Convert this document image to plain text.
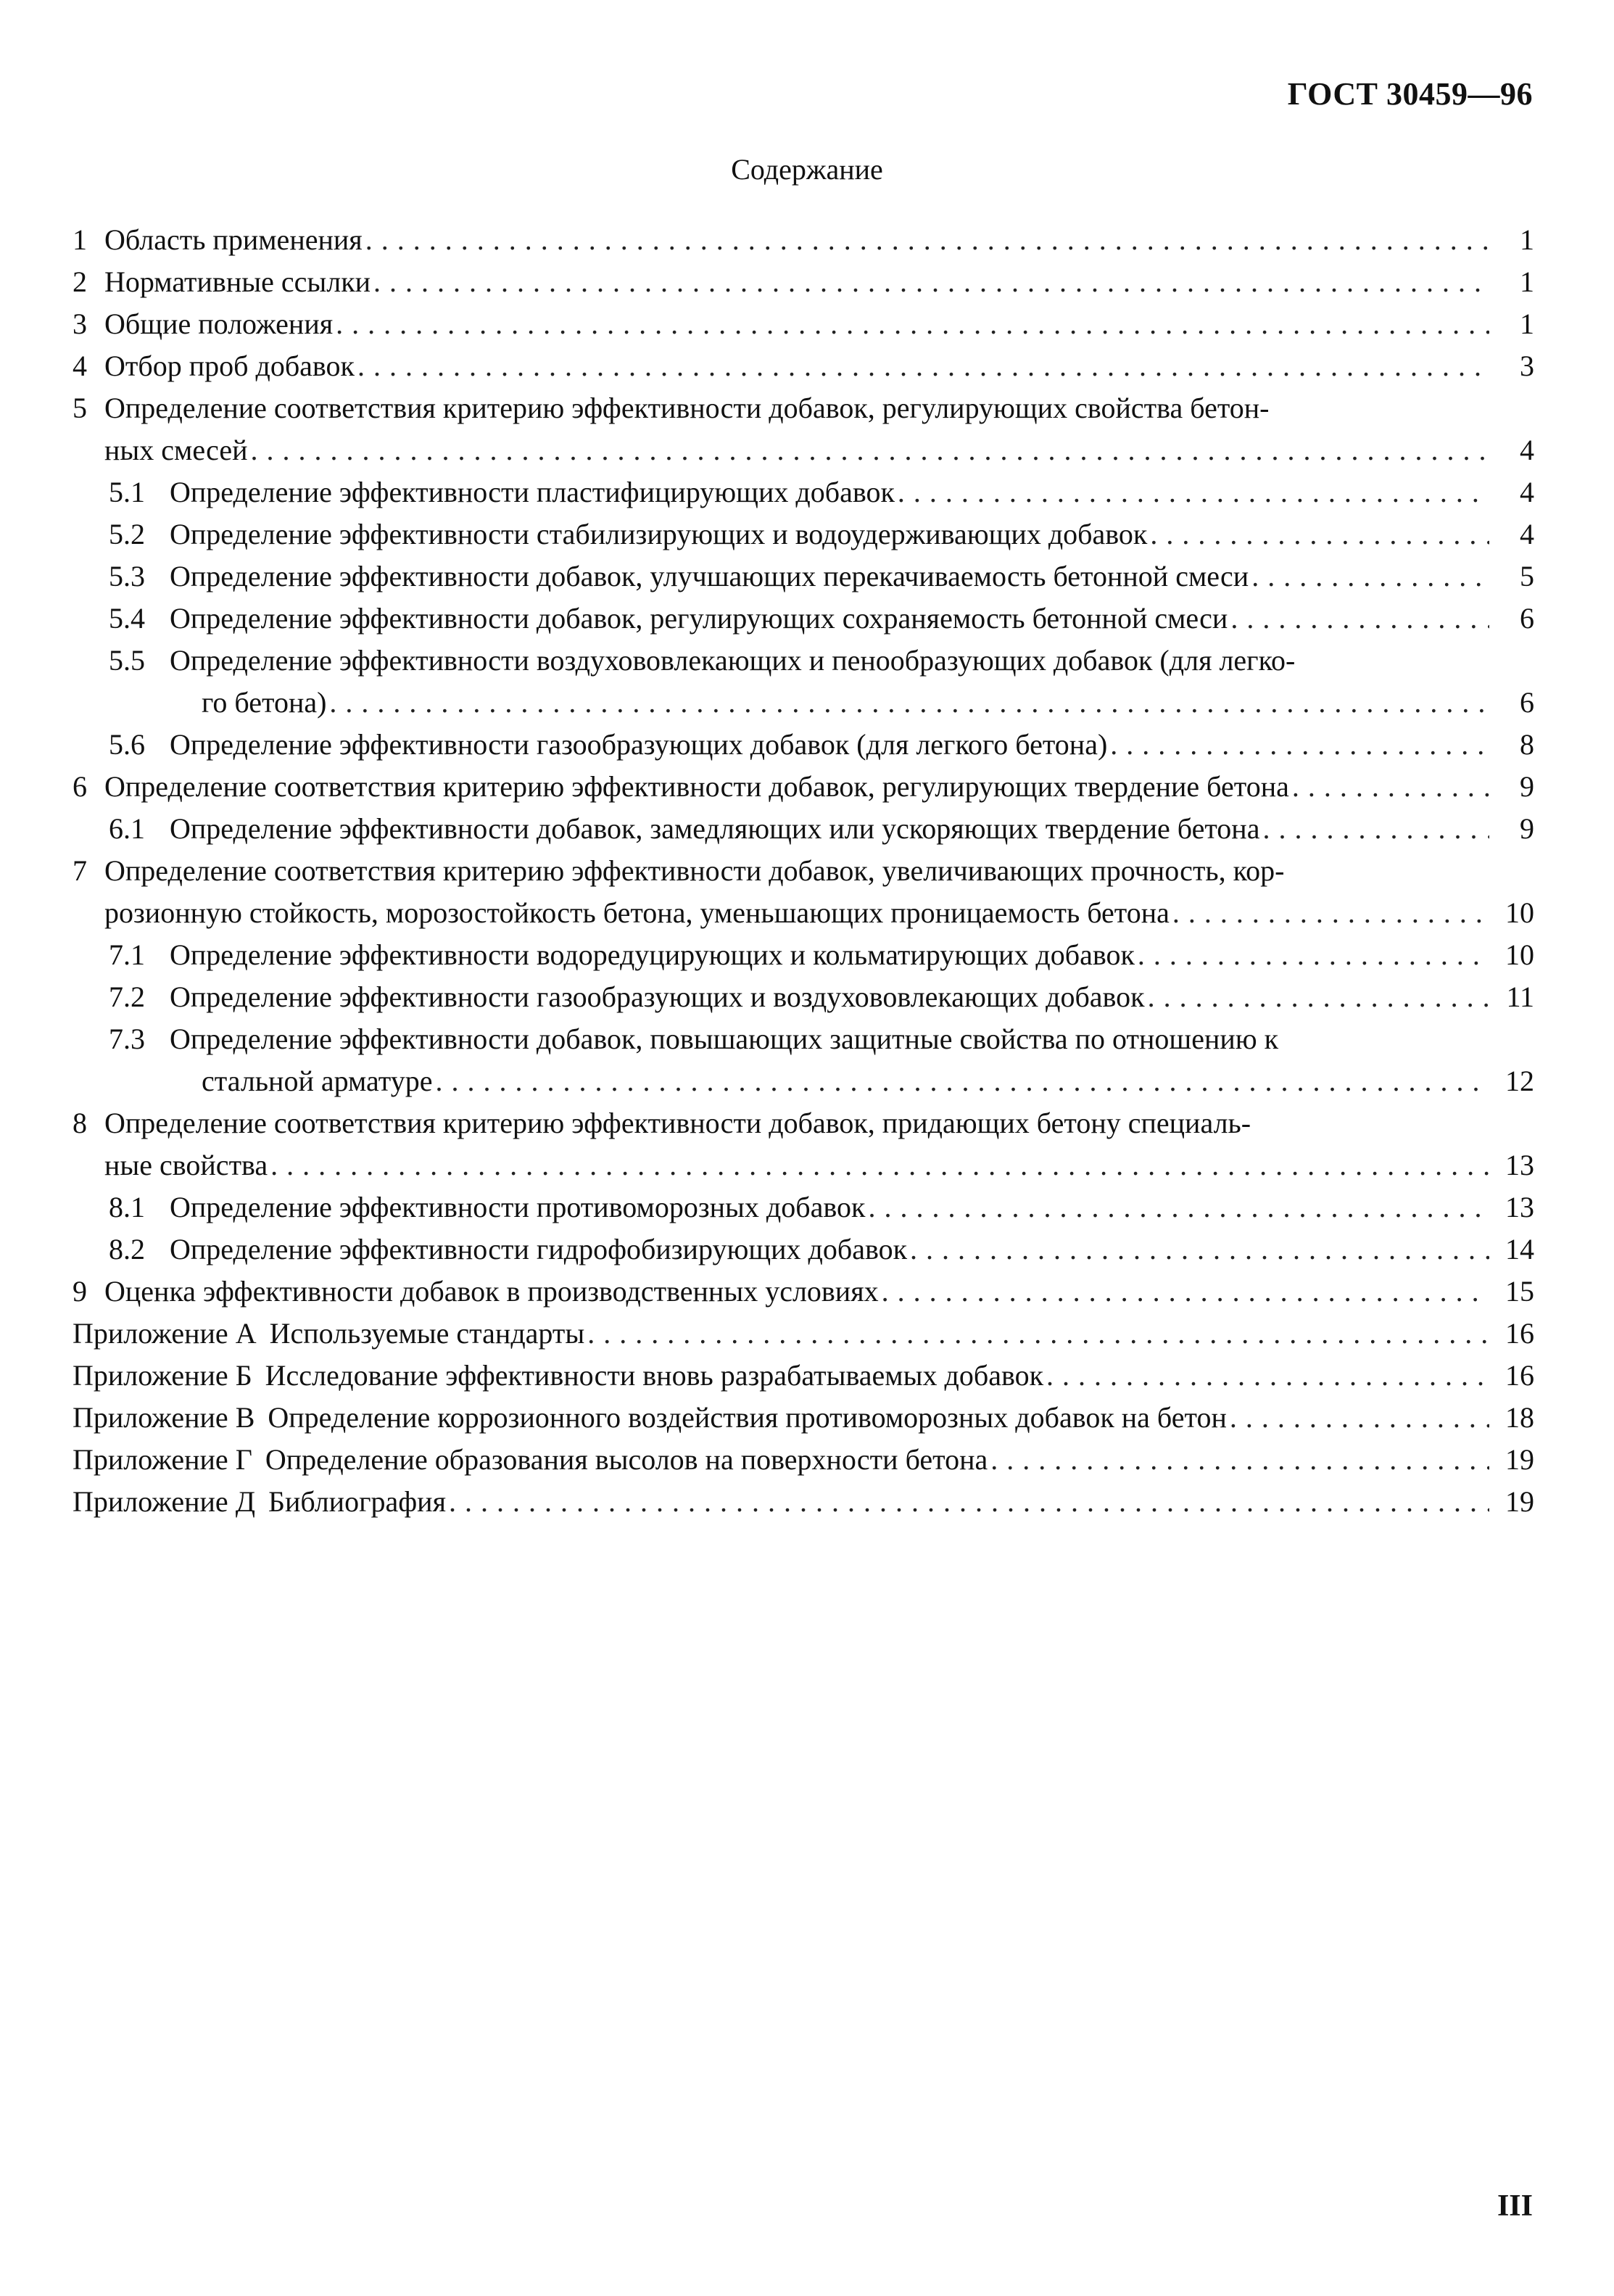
ГОСТ 30459—96
Содержание
1 Область применения . . .	1
2 Нормативные ссылки . . .	1
3 Общие положения . . .	1
4 Отбор проб добавок . . .	3
5 Определение соответствия критерию эффективности добавок, регулирующих свойства бетон-
ных смесей . . .	4
5.1 Определение эффективности пластифицирующих добавок . . .	4
5.2 Определение эффективности стабилизирующих и водоудерживающих добавок . . .	4
5.3 Определение эффективности добавок, улучшающих перекачиваемость бетонной смеси . . .	5
5.4 Определение эффективности добавок, регулирующих сохраняемость бетонной смеси . . .	6
5.5 Определение эффективности воздухововлекающих и пенообразующих добавок (для легко-
го бетона) . . .	6
5.6 Определение эффективности газообразующих добавок (для легкого бетона) . . .	8
6 Определение соответствия критерию эффективности добавок, регулирующих твердение бетона . . .	9
6.1 Определение эффективности добавок, замедляющих или ускоряющих твердение бетона . . .	9
7 Определение соответствия критерию эффективности добавок, увеличивающих прочность, кор-
розионную стойкость, морозостойкость бетона, уменьшающих проницаемость бетона . . .	10
7.1 Определение эффективности водоредуцирующих и кольматирующих добавок . . .	10
7.2 Определение эффективности газообразующих и воздухововлекающих добавок . . .	11
7.3 Определение эффективности добавок, повышающих защитные свойства по отношению к
стальной арматуре . . .	12
8 Определение соответствия критерию эффективности добавок, придающих бетону специаль-
ные свойства . . .	13
8.1 Определение эффективности противоморозных добавок . . .	13
8.2 Определение эффективности гидрофобизирующих добавок . . .	14
9 Оценка эффективности добавок в производственных условиях . . .	15
Приложение А Используемые стандарты . . .	16
Приложение Б Исследование эффективности вновь разрабатываемых добавок . . .	16
Приложение В Определение коррозионного воздействия противоморозных добавок на бетон . . .	18
Приложение Г Определение образования высолов на поверхности бетона . . .	19
Приложение Д Библиография . . .	19
III
